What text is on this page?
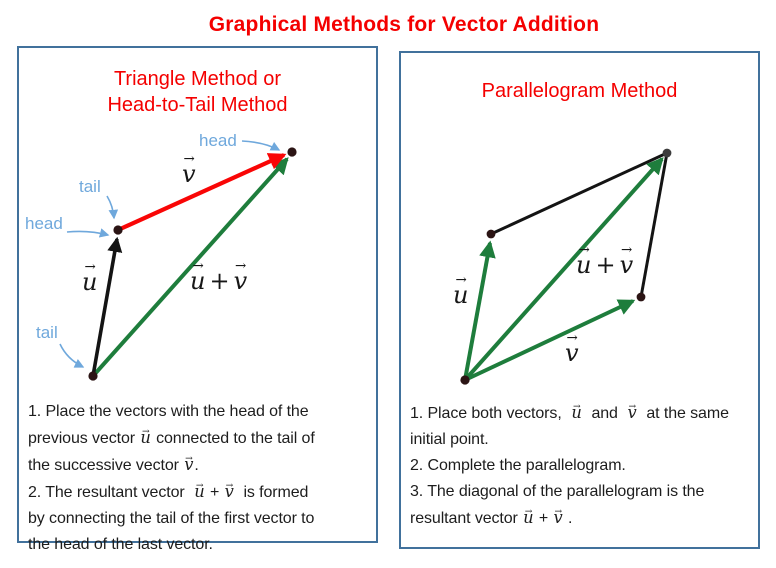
Graphical Methods for Vector Addition
Triangle Method or
Head-to-Tail Method
head
tail
head
tail
→ v
→ u	→ u + → v
1. Place the vectors with the head of the
previous vector → u connected to the tail of
the successive vector → v.
2. The resultant vector  → u + → v  is formed
by connecting the tail of the first vector to
the head of the last vector.
Parallelogram Method
→ u
→ v
→ u + → v
1. Place both vectors,  → u  and  → v  at the same
initial point.
2. Complete the parallelogram.
3. The diagonal of the parallelogram is the
resultant vector → u + → v .
